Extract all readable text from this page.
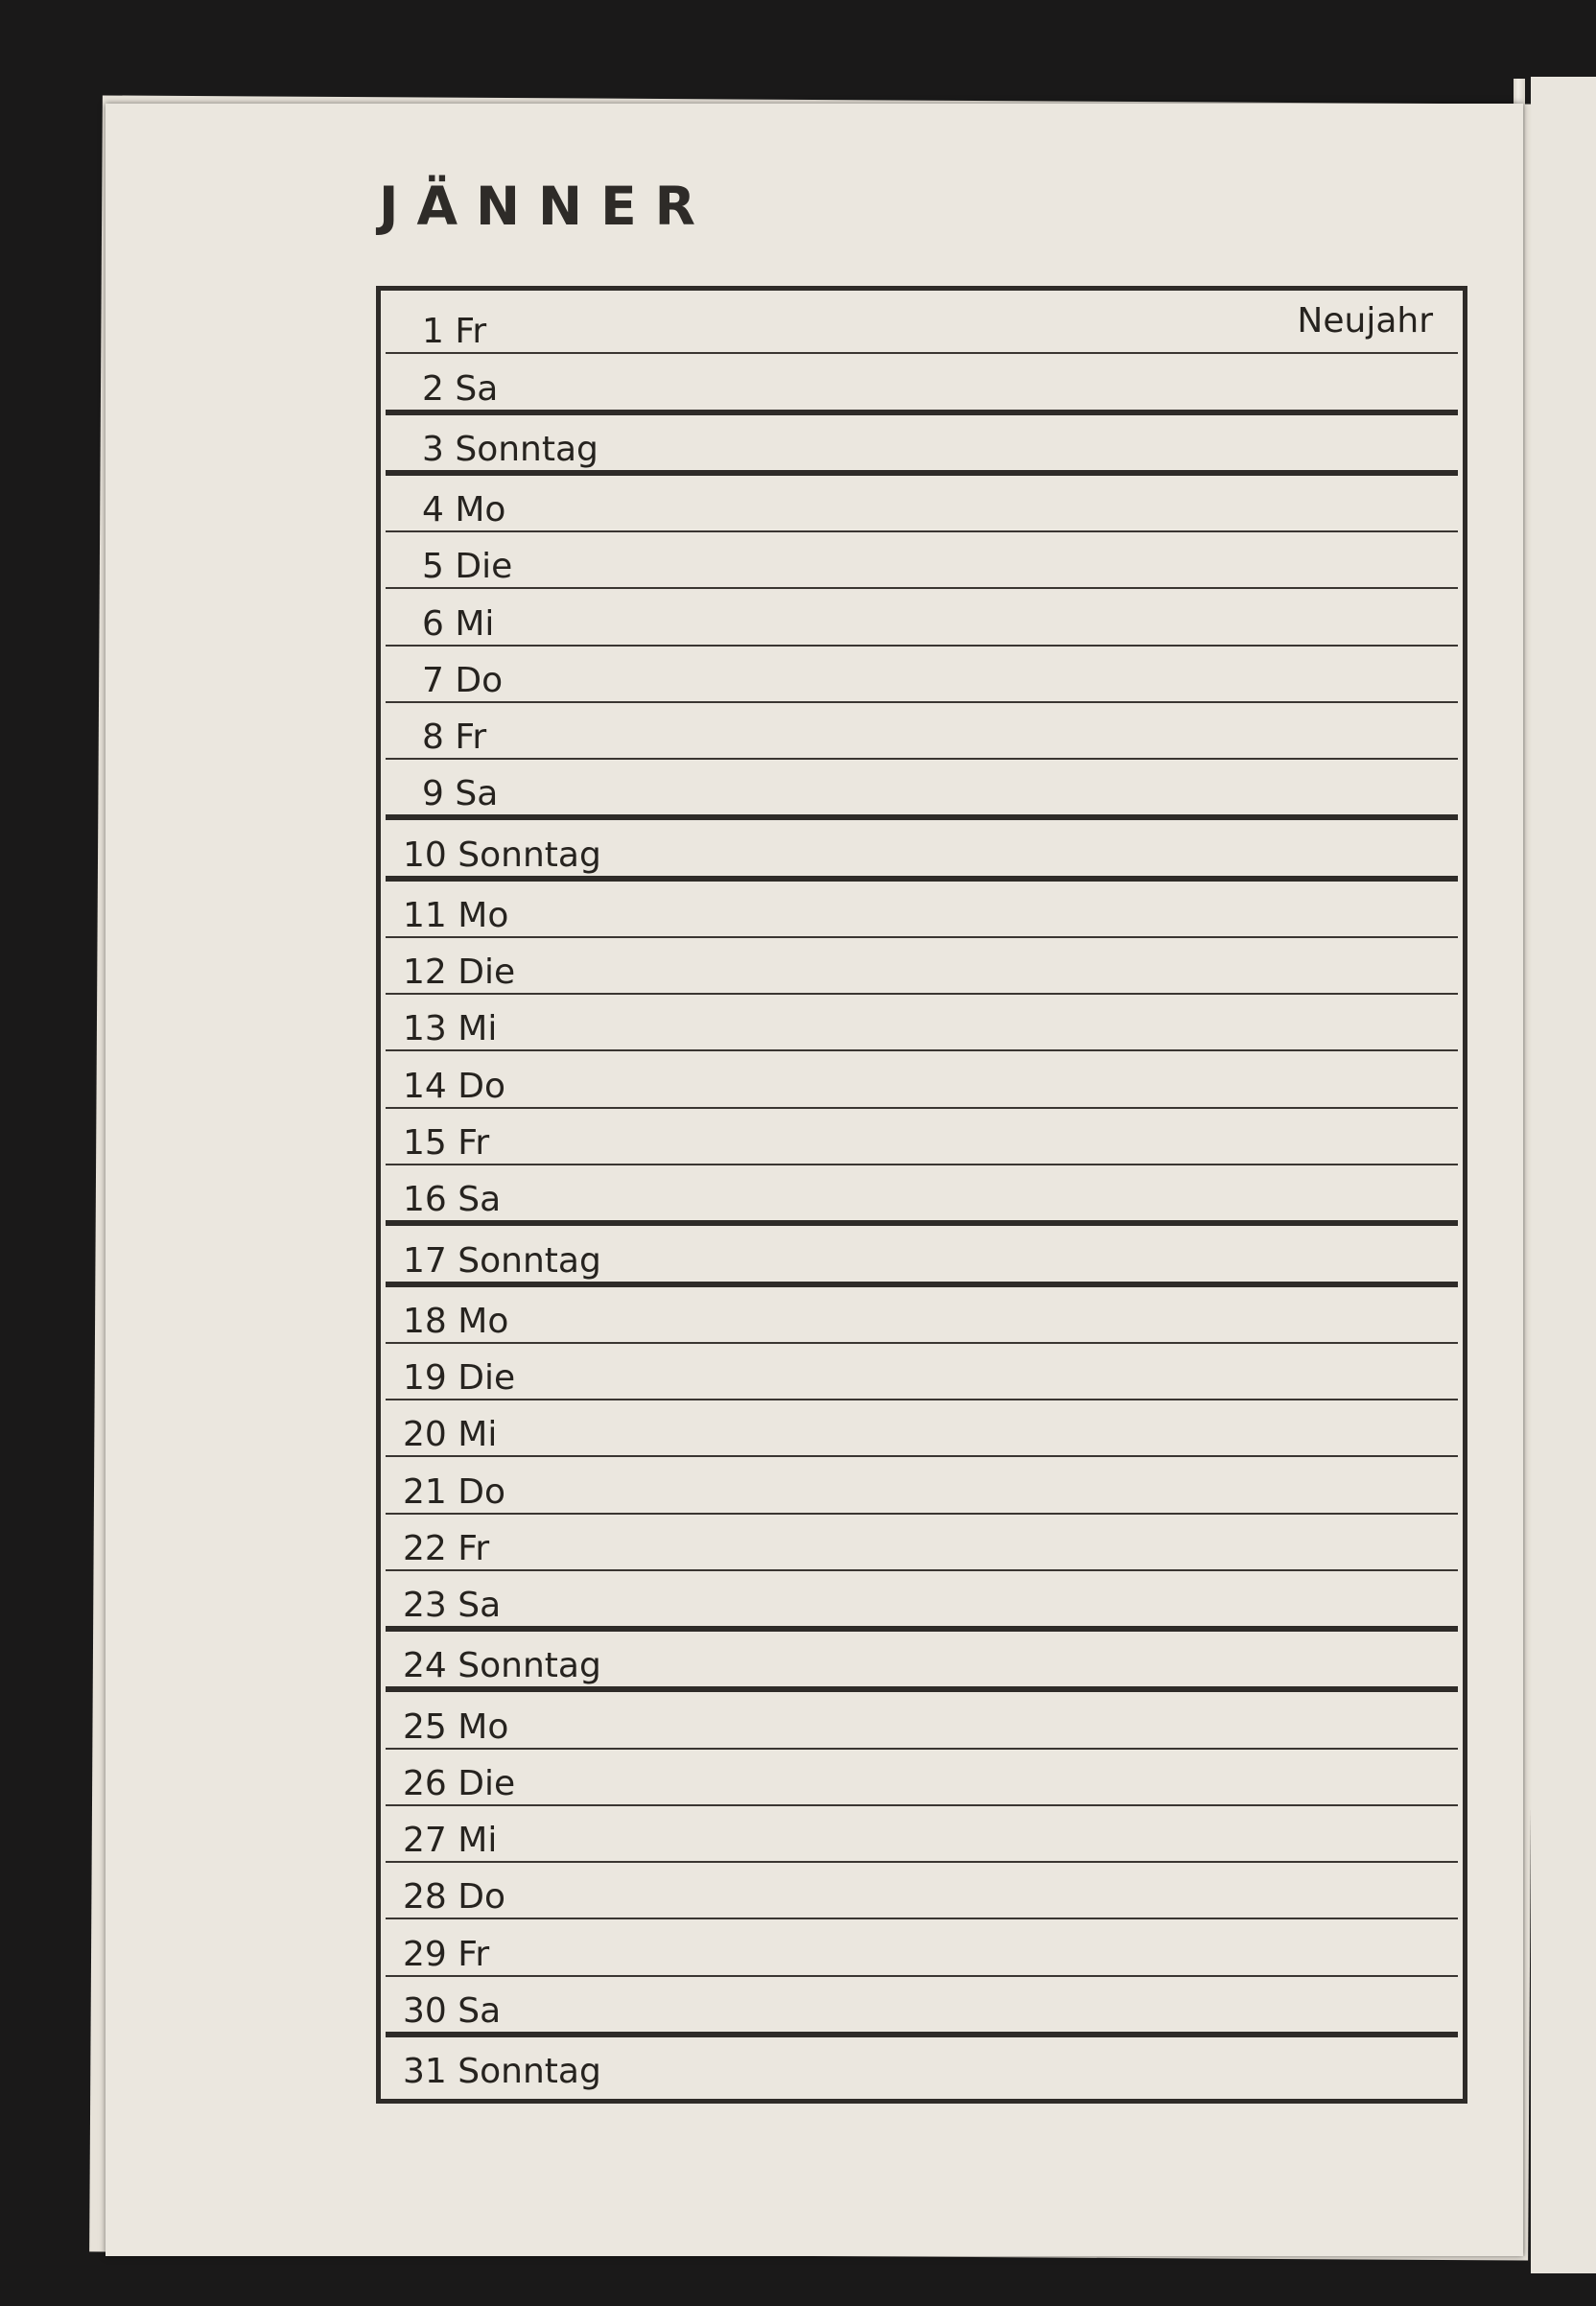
JÄNNER
1 Fr	Neujahr
2 Sa
3 Sonntag
4 Mo
5 Die
6 Mi
7 Do
8 Fr
9 Sa
10 Sonntag
11 Mo
12 Die
13 Mi
14 Do
15 Fr
16 Sa
17 Sonntag
18 Mo
19 Die
20 Mi
21 Do
22 Fr
23 Sa
24 Sonntag
25 Mo
26 Die
27 Mi
28 Do
29 Fr
30 Sa
31 Sonntag
